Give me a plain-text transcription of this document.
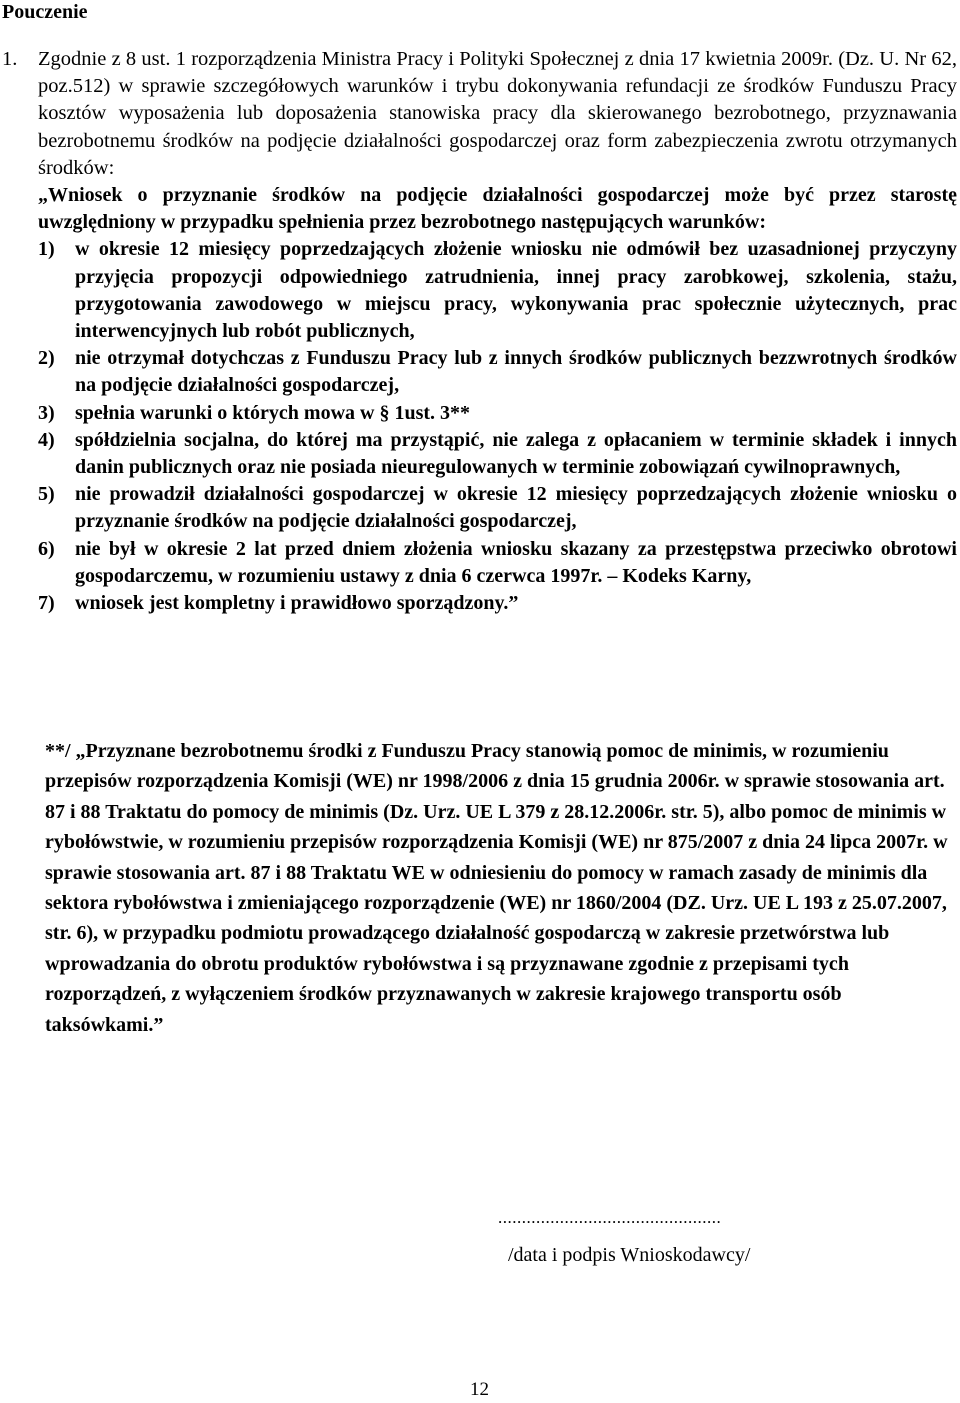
Pouczenie
1.	Zgodnie z 8 ust. 1 rozporządzenia Ministra Pracy i Polityki Społecznej z dnia 17 kwietnia 2009r. (Dz. U. Nr 62, poz.512) w sprawie szczegółowych warunków i trybu dokonywania refundacji ze środków Funduszu Pracy kosztów wyposażenia lub doposażenia stanowiska pracy dla skierowanego bezrobotnego, przyznawania bezrobotnemu środków na podjęcie działalności gospodarczej oraz form zabezpieczenia zwrotu otrzymanych środków:
„Wniosek o przyznanie środków na podjęcie działalności gospodarczej może być przez starostę uwzględniony w przypadku spełnienia przez bezrobotnego następujących warunków:
1)	w okresie 12 miesięcy poprzedzających złożenie wniosku nie odmówił bez uzasadnionej przyczyny przyjęcia propozycji odpowiedniego zatrudnienia, innej pracy zarobkowej, szkolenia, stażu, przygotowania zawodowego w miejscu pracy, wykonywania prac społecznie użytecznych, prac interwencyjnych lub robót publicznych,
2)	nie otrzymał dotychczas z Funduszu Pracy lub z innych środków publicznych bezzwrotnych środków na podjęcie działalności gospodarczej,
3)	spełnia warunki o których mowa w § 1ust. 3**
4)	spółdzielnia socjalna, do której ma przystąpić, nie zalega z opłacaniem w terminie składek i innych danin publicznych oraz nie posiada nieuregulowanych w terminie zobowiązań cywilnoprawnych,
5)	nie prowadził działalności gospodarczej w okresie 12 miesięcy poprzedzających złożenie wniosku o przyznanie środków na podjęcie działalności gospodarczej,
6)	nie był w okresie 2 lat przed dniem złożenia wniosku skazany za przestępstwa przeciwko obrotowi gospodarczemu, w rozumieniu ustawy z dnia 6 czerwca 1997r. – Kodeks Karny,
7)	wniosek jest kompletny i prawidłowo sporządzony.”
**/ „Przyznane bezrobotnemu środki z Funduszu Pracy stanowią pomoc de minimis, w rozumieniu przepisów rozporządzenia Komisji (WE) nr 1998/2006 z dnia 15 grudnia 2006r. w sprawie stosowania art. 87 i 88 Traktatu do pomocy de minimis (Dz. Urz. UE L 379 z 28.12.2006r. str. 5), albo pomoc de minimis w rybołówstwie, w rozumieniu przepisów rozporządzenia Komisji (WE) nr 875/2007 z dnia 24 lipca 2007r. w sprawie stosowania art. 87 i 88 Traktatu WE w odniesieniu do pomocy w ramach zasady de minimis dla sektora rybołówstwa i zmieniającego rozporządzenie (WE) nr 1860/2004 (DZ. Urz. UE L 193 z 25.07.2007, str. 6), w przypadku podmiotu prowadzącego działalność gospodarczą w zakresie przetwórstwa lub wprowadzania do obrotu produktów rybołówstwa i są przyznawane zgodnie z przepisami tych rozporządzeń, z wyłączeniem środków przyznawanych w zakresie krajowego transportu osób taksówkami.”
...............................................
/data i podpis Wnioskodawcy/
12
